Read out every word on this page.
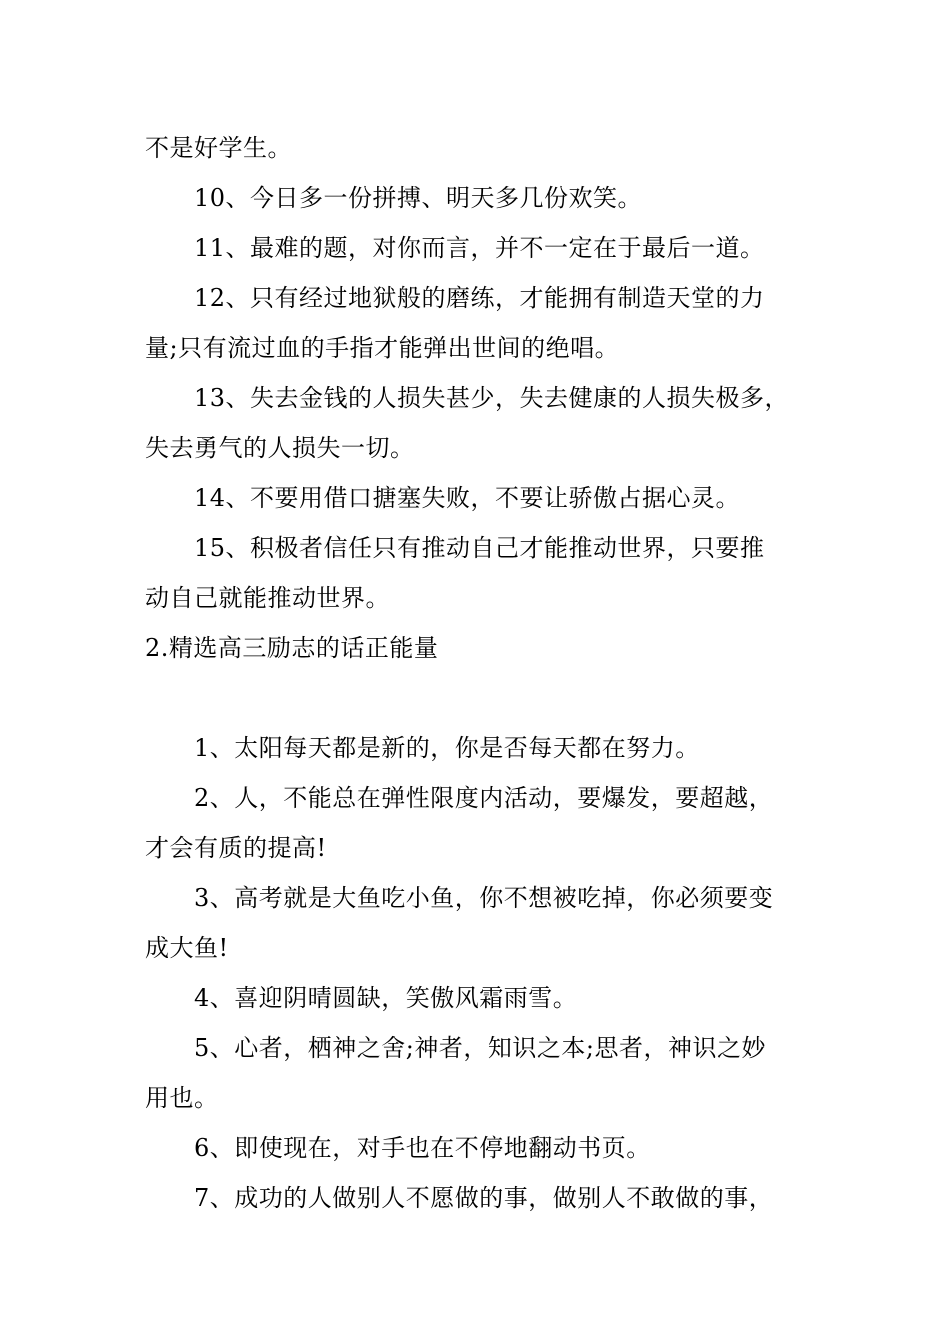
不是好学生。
10、今日多一份拼搏、明天多几份欢笑。
11、最难的题，对你而言，并不一定在于最后一道。
12、只有经过地狱般的磨练，才能拥有制造天堂的力
量;只有流过血的手指才能弹出世间的绝唱。
13、失去金钱的人损失甚少，失去健康的人损失极多，
失去勇气的人损失一切。
14、不要用借口搪塞失败，不要让骄傲占据心灵。
15、积极者信任只有推动自己才能推动世界，只要推
动自己就能推动世界。
2.精选高三励志的话正能量
1、太阳每天都是新的，你是否每天都在努力。
2、人，不能总在弹性限度内活动，要爆发，要超越，
才会有质的提高!
3、高考就是大鱼吃小鱼，你不想被吃掉，你必须要变
成大鱼!
4、喜迎阴晴圆缺，笑傲风霜雨雪。
5、心者，栖神之舍;神者，知识之本;思者，神识之妙
用也。
6、即使现在，对手也在不停地翻动书页。
7、成功的人做别人不愿做的事，做别人不敢做的事，
